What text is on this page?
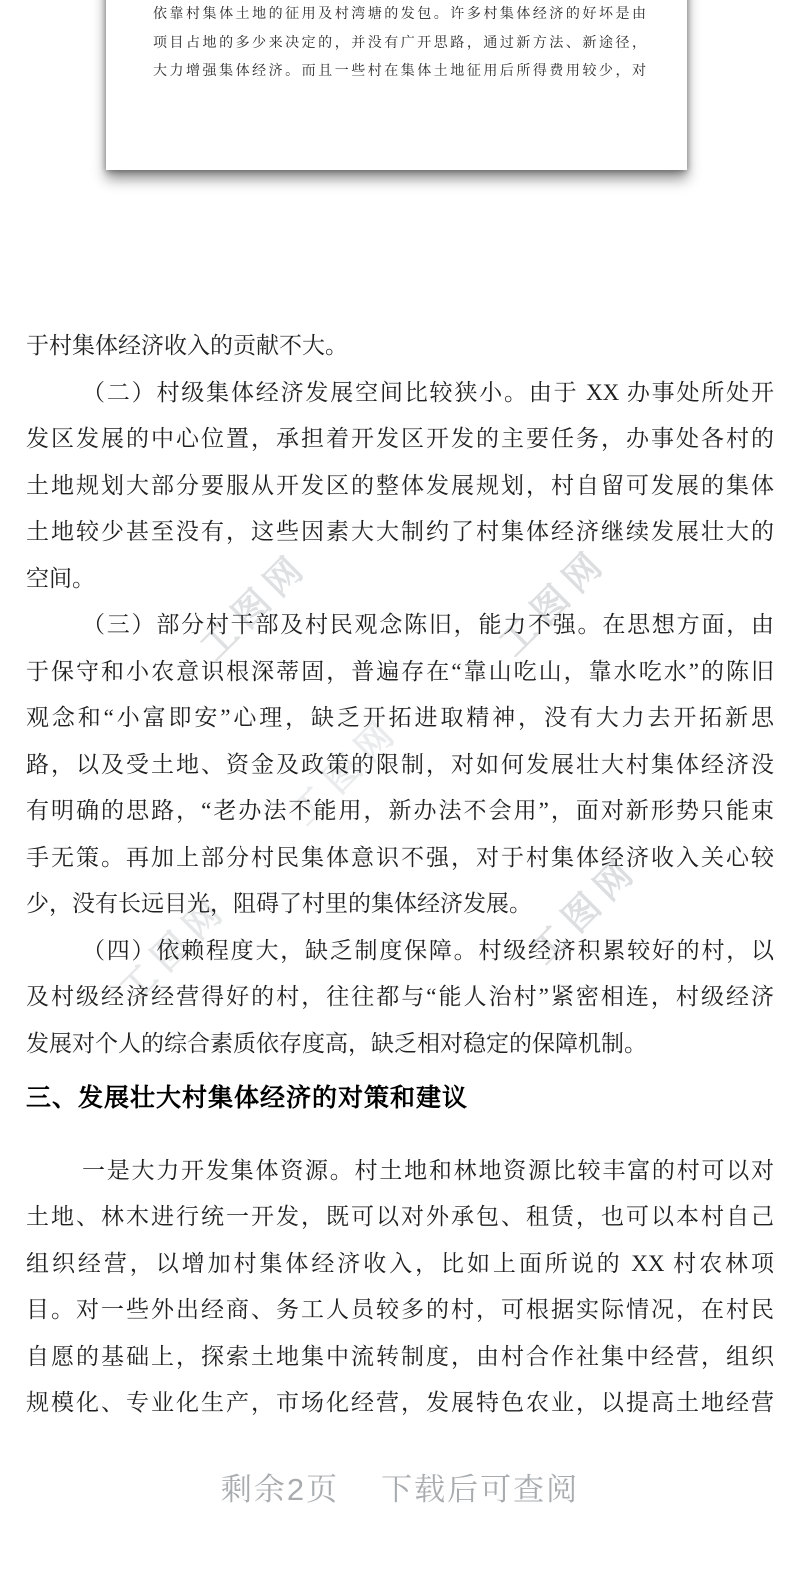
工图网	工图网
工图网
工图网
工图网
依靠村集体土地的征用及村湾塘的发包。许多村集体经济的好坏是由
项目占地的多少来决定的，并没有广开思路，通过新方法、新途径，
大力增强集体经济。而且一些村在集体土地征用后所得费用较少，对
于村集体经济收入的贡献不大。
（二）村级集体经济发展空间比较狭小。由于 XX 办事处所处开
发区发展的中心位置，承担着开发区开发的主要任务，办事处各村的
土地规划大部分要服从开发区的整体发展规划，村自留可发展的集体
土地较少甚至没有，这些因素大大制约了村集体经济继续发展壮大的
空间。
（三）部分村干部及村民观念陈旧，能力不强。在思想方面，由
于保守和小农意识根深蒂固，普遍存在“靠山吃山，靠水吃水”的陈旧
观念和“小富即安”心理，缺乏开拓进取精神，没有大力去开拓新思
路，以及受土地、资金及政策的限制，对如何发展壮大村集体经济没
有明确的思路，“老办法不能用，新办法不会用”，面对新形势只能束
手无策。再加上部分村民集体意识不强，对于村集体经济收入关心较
少，没有长远目光，阻碍了村里的集体经济发展。
（四）依赖程度大，缺乏制度保障。村级经济积累较好的村，以
及村级经济经营得好的村，往往都与“能人治村”紧密相连，村级经济
发展对个人的综合素质依存度高，缺乏相对稳定的保障机制。
三、发展壮大村集体经济的对策和建议
一是大力开发集体资源。村土地和林地资源比较丰富的村可以对
土地、林木进行统一开发，既可以对外承包、租赁，也可以本村自己
组织经营，以增加村集体经济收入，比如上面所说的 XX 村农林项
目。对一些外出经商、务工人员较多的村，可根据实际情况，在村民
自愿的基础上，探索土地集中流转制度，由村合作社集中经营，组织
规模化、专业化生产，市场化经营，发展特色农业，以提高土地经营
剩余2页 下载后可查阅
